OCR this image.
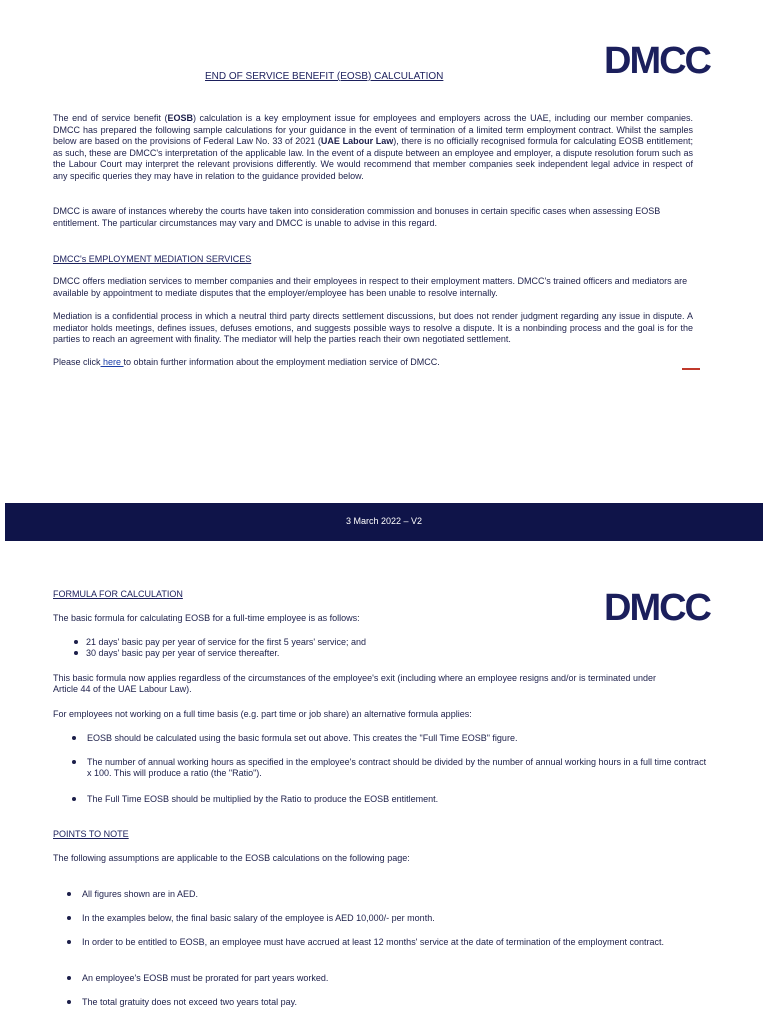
DMCC
END OF SERVICE BENEFIT (EOSB) CALCULATION
The end of service benefit (EOSB) calculation is a key employment issue for employees and employers across the UAE, including our member companies. DMCC has prepared the following sample calculations for your guidance in the event of termination of a limited term employment contract. Whilst the samples below are based on the provisions of Federal Law No. 33 of 2021 (UAE Labour Law), there is no officially recognised formula for calculating EOSB entitlement; as such, these are DMCC's interpretation of the applicable law. In the event of a dispute between an employee and employer, a dispute resolution forum such as the Labour Court may interpret the relevant provisions differently. We would recommend that member companies seek independent legal advice in respect of any specific queries they may have in relation to the guidance provided below.
DMCC is aware of instances whereby the courts have taken into consideration commission and bonuses in certain specific cases when assessing EOSB entitlement. The particular circumstances may vary and DMCC is unable to advise in this regard.
DMCC's EMPLOYMENT MEDIATION SERVICES
DMCC offers mediation services to member companies and their employees in respect to their employment matters. DMCC's trained officers and mediators are available by appointment to mediate disputes that the employer/employee has been unable to resolve internally.
Mediation is a confidential process in which a neutral third party directs settlement discussions, but does not render judgment regarding any issue in dispute. A mediator holds meetings, defines issues, defuses emotions, and suggests possible ways to resolve a dispute. It is a nonbinding process and the goal is for the parties to reach an agreement with finality. The mediator will help the parties reach their own negotiated settlement.
Please click here to obtain further information about the employment mediation service of DMCC.
3 March 2022 – V2
DMCC
FORMULA FOR CALCULATION
The basic formula for calculating EOSB for a full-time employee is as follows:
21 days' basic pay per year of service for the first 5 years' service; and
30 days' basic pay per year of service thereafter.
This basic formula now applies regardless of the circumstances of the employee's exit (including where an employee resigns and/or is terminated under Article 44 of the UAE Labour Law).
For employees not working on a full time basis (e.g. part time or job share) an alternative formula applies:
EOSB should be calculated using the basic formula set out above. This creates the "Full Time EOSB" figure.
The number of annual working hours as specified in the employee's contract should be divided by the number of annual working hours in a full time contract x 100. This will produce a ratio (the "Ratio").
The Full Time EOSB should be multiplied by the Ratio to produce the EOSB entitlement.
POINTS TO NOTE
The following assumptions are applicable to the EOSB calculations on the following page:
All figures shown are in AED.
In the examples below, the final basic salary of the employee is AED 10,000/- per month.
In order to be entitled to EOSB, an employee must have accrued at least 12 months' service at the date of termination of the employment contract.
An employee's EOSB must be prorated for part years worked.
The total gratuity does not exceed two years total pay.
